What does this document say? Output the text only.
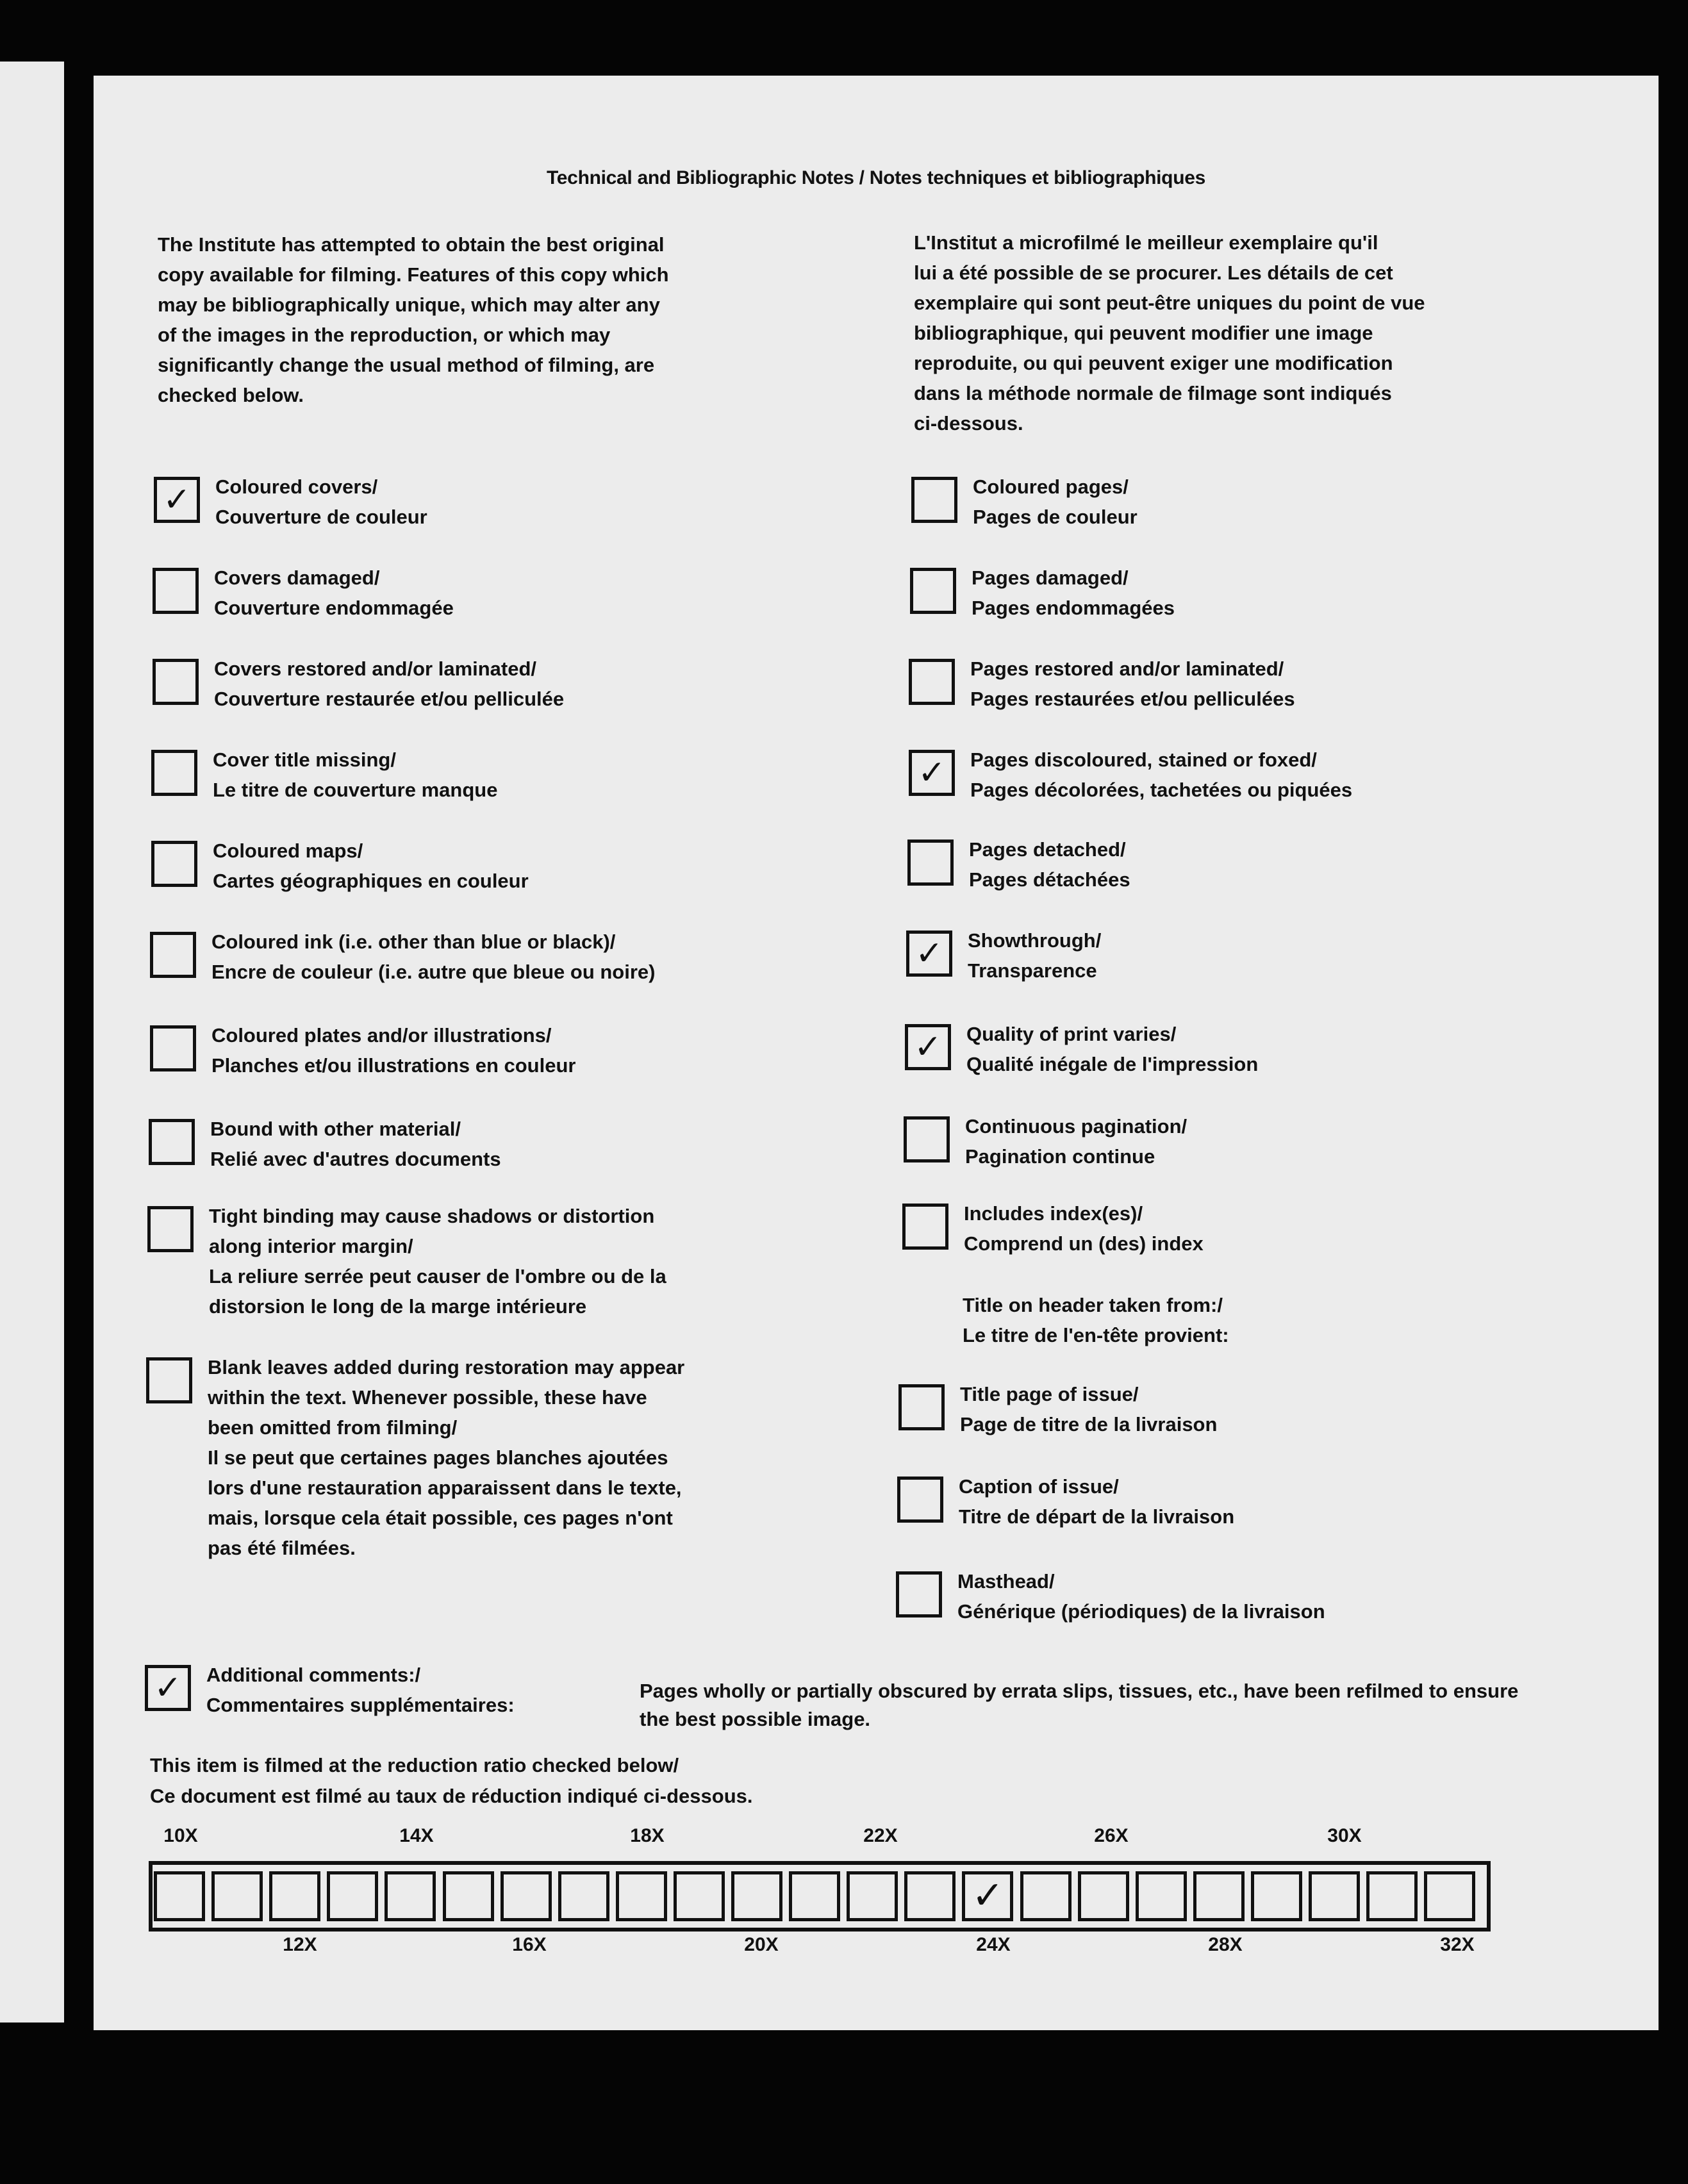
Technical and Bibliographic Notes / Notes techniques et bibliographiques
The Institute has attempted to obtain the best original
copy available for filming. Features of this copy which
may be bibliographically unique, which may alter any
of the images in the reproduction, or which may
significantly change the usual method of filming, are
checked below.
L'Institut a microfilmé le meilleur exemplaire qu'il
lui a été possible de se procurer. Les détails de cet
exemplaire qui sont peut-être uniques du point de vue
bibliographique, qui peuvent modifier une image
reproduite, ou qui peuvent exiger une modification
dans la méthode normale de filmage sont indiqués
ci-dessous.
✓	Coloured covers/
Couverture de couleur
Covers damaged/
Couverture endommagée
Covers restored and/or laminated/
Couverture restaurée et/ou pelliculée
Cover title missing/
Le titre de couverture manque
Coloured maps/
Cartes géographiques en couleur
Coloured ink (i.e. other than blue or black)/
Encre de couleur (i.e. autre que bleue ou noire)
Coloured plates and/or illustrations/
Planches et/ou illustrations en couleur
Bound with other material/
Relié avec d'autres documents
Tight binding may cause shadows or distortion
along interior margin/
La reliure serrée peut causer de l'ombre ou de la
distorsion le long de la marge intérieure
Blank leaves added during restoration may appear
within the text. Whenever possible, these have
been omitted from filming/
Il se peut que certaines pages blanches ajoutées
lors d'une restauration apparaissent dans le texte,
mais, lorsque cela était possible, ces pages n'ont
pas été filmées.
Coloured pages/
Pages de couleur
Pages damaged/
Pages endommagées
Pages restored and/or laminated/
Pages restaurées et/ou pelliculées
✓	Pages discoloured, stained or foxed/
Pages décolorées, tachetées ou piquées
Pages detached/
Pages détachées
✓	Showthrough/
Transparence
✓	Quality of print varies/
Qualité inégale de l'impression
Continuous pagination/
Pagination continue
Includes index(es)/
Comprend un (des) index
Title on header taken from:/
Le titre de l'en-tête provient:
Title page of issue/
Page de titre de la livraison
Caption of issue/
Titre de départ de la livraison
Masthead/
Générique (périodiques) de la livraison
✓	Additional comments:/
Commentaires supplémentaires:

Pages wholly or partially obscured by errata slips, tissues, etc., have been refilmed to ensure
the best possible image.

This item is filmed at the reduction ratio checked below/
Ce document est filmé au taux de réduction indiqué ci-dessous.
10X	14X	18X	22X	26X	30X
✓
12X	16X	20X	24X	28X	32X
